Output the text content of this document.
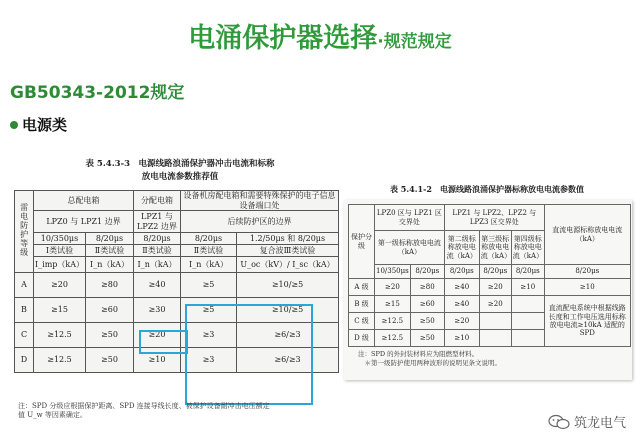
电涌保护器选择·规范规定
GB50343-2012规定
电源类
表 5.4.3-3　电源线路浪涌保护器冲击电流和标称
放电电流参数推荐值
雷电防护等级	总配电箱		分配电箱	设备机房配电箱和需要特殊保护的电子信息设备端口处	
	LPZ0 与 LPZ1 边界		LPZ1 与 LPZ2 边界	后续防护区的边界	
	10/350μs	8/20μs	8/20μs	8/20μs	1.2/50μs 和 8/20μs
	Ⅰ类试验	Ⅱ类试验	Ⅱ类试验	Ⅱ类试验	复合波Ⅲ类试验
	I_imp（kA）	I_n（kA）	I_n（kA）	I_n（kA）	U_oc（kV）/ I_sc（kA）
A	≥20	≥80	≥40	≥5	≥10/≥5
B	≥15	≥60	≥30	≥5	≥10/≥5
C	≥12.5	≥50	≥20	≥3	≥6/≥3
D	≥12.5	≥50	≥10	≥3	≥6/≥3
注：SPD 分级应根据保护距离、SPD 连接导线长度、被保护设备耐冲击电压额定
值 U_w 等因素确定。
表 5.4.1-2　电源线路浪涌保护器标称放电电流参数值
保护分级	LPZ0 区与 LPZ1 区交界处		LPZ1 与 LPZ2、LPZ2 与 LPZ3 区交界处			直流电源标称放电电流（kA）
	第一级标称放电电流（kA）		第二级标称放电电流（kA）	第三级标称放电电流（kA）	第四级标称放电电流（kA）	
	10/350μs	8/20μs	8/20μs	8/20μs	8/20μs	8/20μs
A 级	≥20	≥80	≥40	≥20	≥10	≥10
B 级	≥15	≥60	≥40	≥20		直流配电系统中根据线路长度和工作电压选用标称放电电流≥10kA 适配的 SPD
C 级	≥12.5	≥50	≥20			
D 级	≥12.5	≥50	≥10			
注：SPD 的外封装材料应为阻燃型材料。
　＊第一级防护使用两种波形的说明见条文说明。
筑龙电气
